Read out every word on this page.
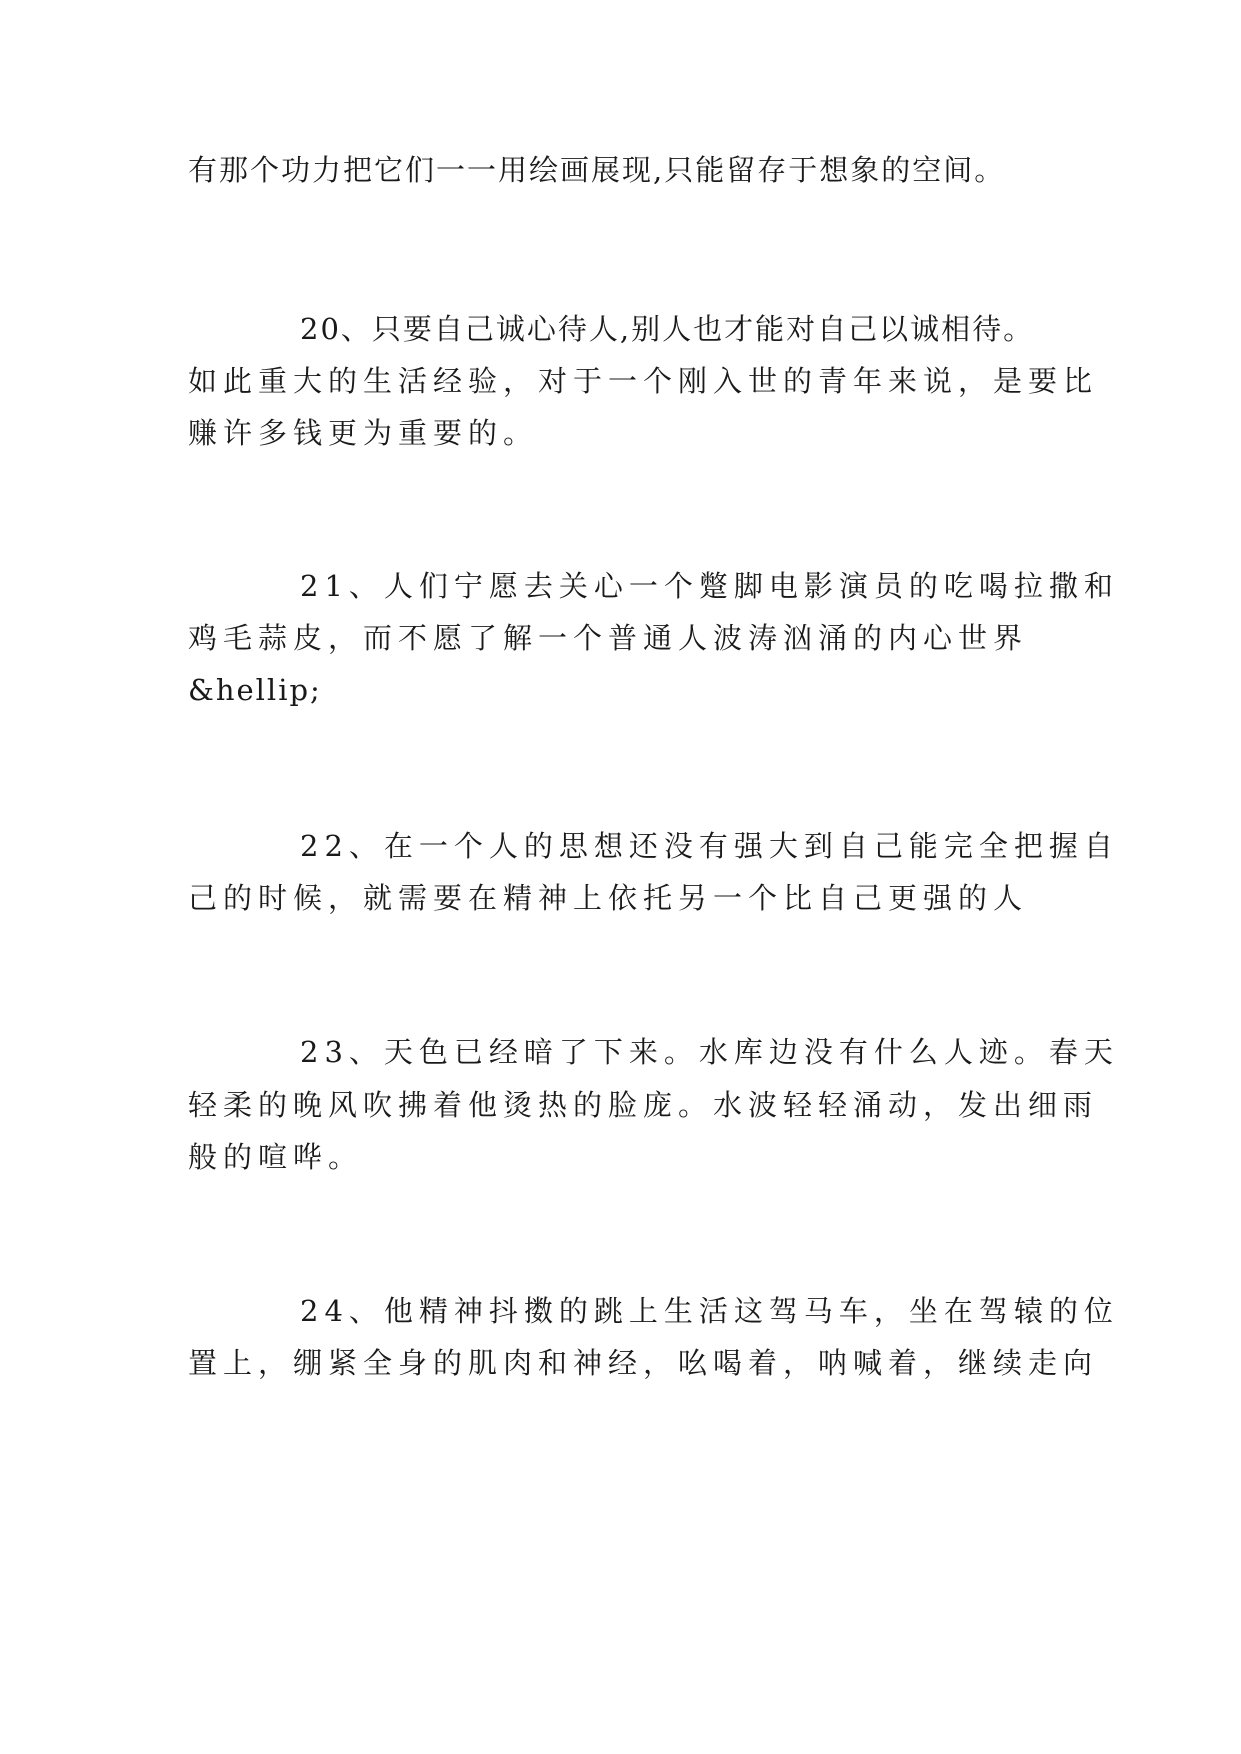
有那个功力把它们一一用绘画展现,只能留存于想象的空间。
20、只要自己诚心待人,别人也才能对自己以诚相待。
如此重大的生活经验，对于一个刚入世的青年来说，是要比
赚许多钱更为重要的。
21、人们宁愿去关心一个蹩脚电影演员的吃喝拉撒和
鸡毛蒜皮，而不愿了解一个普通人波涛汹涌的内心世界
&hellip;
22、在一个人的思想还没有强大到自己能完全把握自
己的时候，就需要在精神上依托另一个比自己更强的人
23、天色已经暗了下来。水库边没有什么人迹。春天
轻柔的晚风吹拂着他烫热的脸庞。水波轻轻涌动，发出细雨
般的喧哗。
24、他精神抖擞的跳上生活这驾马车，坐在驾辕的位
置上，绷紧全身的肌肉和神经，吆喝着，呐喊着，继续走向
